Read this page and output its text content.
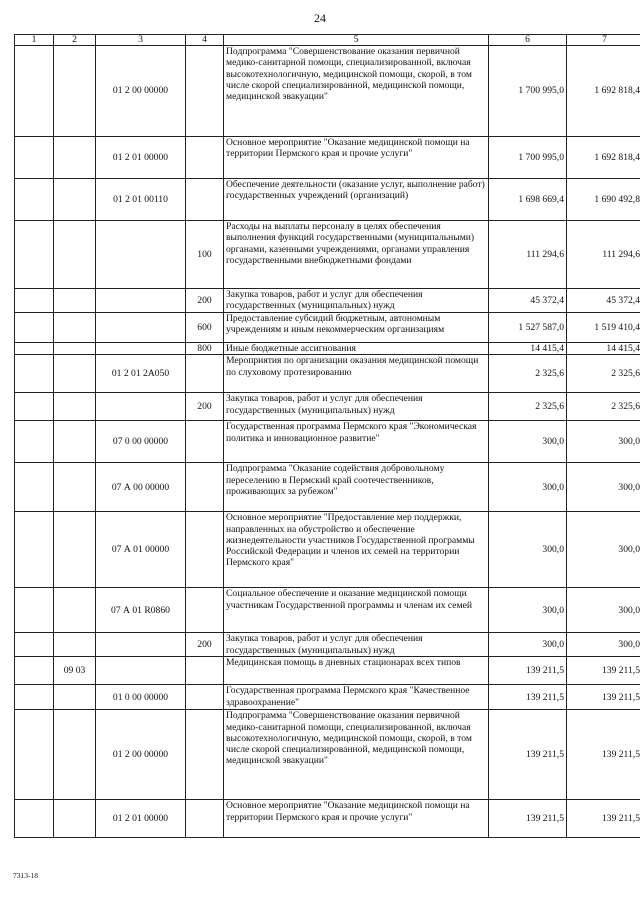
24
1	2	3	4	5	6	7
		01 2 00 00000		Подпрограмма "Совершенствование оказания первичной медико-санитарной помощи, специализированной, включая высокотехнологичную, медицинской помощи, скорой, в том числе скорой специализированной, медицинской помощи, медицинской эвакуации"	1 700 995,0	1 692 818,4
		01 2 01 00000		Основное мероприятие "Оказание медицинской помощи на территории Пермского края и прочие услуги"	1 700 995,0	1 692 818,4
		01 2 01 00110		Обеспечение деятельности (оказание услуг, выполнение работ) государственных учреждений (организаций)	1 698 669,4	1 690 492,8
			100	Расходы на выплаты персоналу в целях обеспечения выполнения функций государственными (муниципальными) органами, казенными учреждениями, органами управления государственными внебюджетными фондами	111 294,6	111 294,6
			200	Закупка товаров, работ и услуг для обеспечения государственных (муниципальных) нужд	45 372,4	45 372,4
			600	Предоставление субсидий бюджетным, автономным учреждениям и иным некоммерческим организациям	1 527 587,0	1 519 410,4
			800	Иные бюджетные ассигнования	14 415,4	14 415,4
		01 2 01 2А050		Мероприятия по организации оказания медицинской помощи по слуховому протезированию	2 325,6	2 325,6
			200	Закупка товаров, работ и услуг для обеспечения государственных (муниципальных) нужд	2 325,6	2 325,6
		07 0 00 00000		Государственная программа Пермского края "Экономическая политика и инновационное развитие"	300,0	300,0
		07 А 00 00000		Подпрограмма "Оказание содействия добровольному переселению в Пермский край соотечественников, проживающих за рубежом"	300,0	300,0
		07 А 01 00000		Основное мероприятие "Предоставление мер поддержки, направленных на обустройство и обеспечение жизнедеятельности участников Государственной программы Российской Федерации и членов их семей на территории Пермского края"	300,0	300,0
		07 А 01 R0860		Социальное обеспечение и оказание медицинской помощи участникам Государственной программы и членам их семей	300,0	300,0
			200	Закупка товаров, работ и услуг для обеспечения государственных (муниципальных) нужд	300,0	300,0
	09 03			Медицинская помощь в дневных стационарах всех типов	139 211,5	139 211,5
		01 0 00 00000		Государственная программа Пермского края "Качественное здравоохранение"	139 211,5	139 211,5
		01 2 00 00000		Подпрограмма "Совершенствование оказания первичной медико-санитарной помощи, специализированной, включая высокотехнологичную, медицинской помощи, скорой, в том числе скорой специализированной, медицинской помощи, медицинской эвакуации"	139 211,5	139 211,5
		01 2 01 00000		Основное мероприятие "Оказание медицинской помощи на территории Пермского края и прочие услуги"	139 211,5	139 211,5
7313-18
